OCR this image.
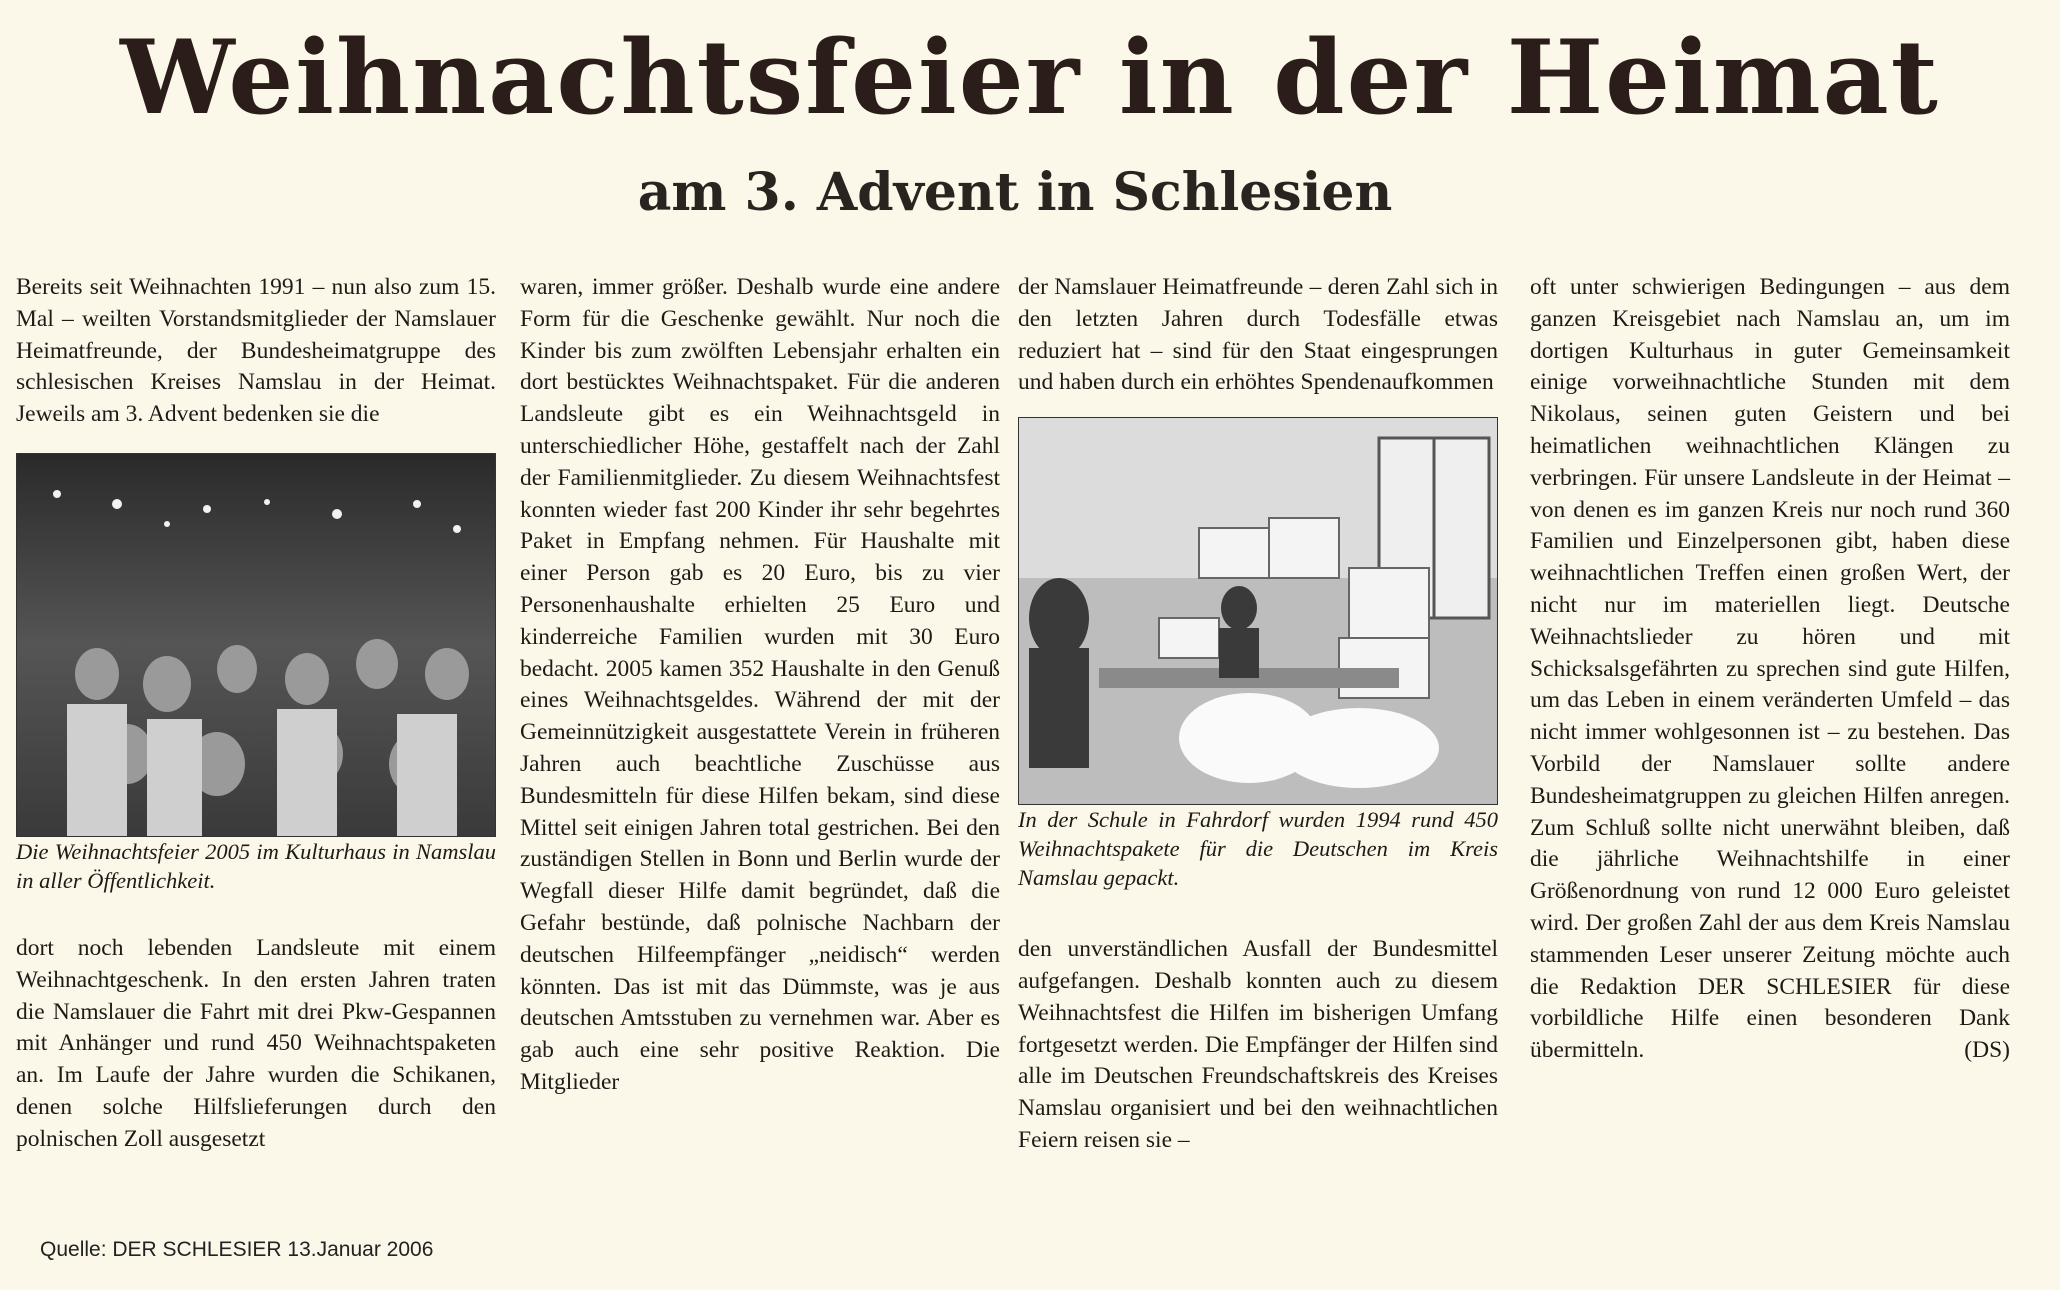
Weihnachtsfeier in der Heimat
am 3. Advent in Schlesien

Bereits seit Weihnachten 1991 – nun also zum 15. Mal – weilten Vorstandsmitglieder der Namslauer Heimatfreunde, der Bundesheimatgruppe des schlesischen Kreises Namslau in der Heimat. Jeweils am 3. Advent bedenken sie die

Die Weihnachtsfeier 2005 im Kulturhaus in Namslau in aller Öffentlichkeit.

dort noch lebenden Landsleute mit einem Weihnachtgeschenk. In den ersten Jahren traten die Namslauer die Fahrt mit drei Pkw-Gespannen mit Anhänger und rund 450 Weihnachtspaketen an. Im Laufe der Jahre wurden die Schikanen, denen solche Hilfslieferungen durch den polnischen Zoll ausgesetzt

waren, immer größer. Deshalb wurde eine andere Form für die Geschenke gewählt. Nur noch die Kinder bis zum zwölften Lebensjahr erhalten ein dort bestücktes Weihnachtspaket. Für die anderen Landsleute gibt es ein Weihnachtsgeld in unterschiedlicher Höhe, gestaffelt nach der Zahl der Familienmitglieder. Zu diesem Weihnachtsfest konnten wieder fast 200 Kinder ihr sehr begehrtes Paket in Empfang nehmen. Für Haushalte mit einer Person gab es 20 Euro, bis zu vier Personenhaushalte erhielten 25 Euro und kinderreiche Familien wurden mit 30 Euro bedacht. 2005 kamen 352 Haushalte in den Genuß eines Weihnachtsgeldes. Während der mit der Gemeinnützigkeit ausgestattete Verein in früheren Jahren auch beachtliche Zuschüsse aus Bundesmitteln für diese Hilfen bekam, sind diese Mittel seit einigen Jahren total gestrichen. Bei den zuständigen Stellen in Bonn und Berlin wurde der Wegfall dieser Hilfe damit begründet, daß die Gefahr bestünde, daß polnische Nachbarn der deutschen Hilfeempfänger „neidisch“ werden könnten. Das ist mit das Dümmste, was je aus deutschen Amtsstuben zu vernehmen war. Aber es gab auch eine sehr positive Reaktion. Die Mitglieder

der Namslauer Heimatfreunde – deren Zahl sich in den letzten Jahren durch Todesfälle etwas reduziert hat – sind für den Staat eingesprungen und haben durch ein erhöhtes Spendenaufkommen

In der Schule in Fahrdorf wurden 1994 rund 450 Weihnachtspakete für die Deutschen im Kreis Namslau gepackt.

den unverständlichen Ausfall der Bundesmittel aufgefangen. Deshalb konnten auch zu diesem Weihnachtsfest die Hilfen im bisherigen Umfang fortgesetzt werden. Die Empfänger der Hilfen sind alle im Deutschen Freundschaftskreis des Kreises Namslau organisiert und bei den weihnachtlichen Feiern reisen sie –

oft unter schwierigen Bedingungen – aus dem ganzen Kreisgebiet nach Namslau an, um im dortigen Kulturhaus in guter Gemeinsamkeit einige vorweihnachtliche Stunden mit dem Nikolaus, seinen guten Geistern und bei heimatlichen weihnachtlichen Klängen zu verbringen. Für unsere Landsleute in der Heimat – von denen es im ganzen Kreis nur noch rund 360 Familien und Einzelpersonen gibt, haben diese weihnachtlichen Treffen einen großen Wert, der nicht nur im materiellen liegt. Deutsche Weihnachtslieder zu hören und mit Schicksalsgefährten zu sprechen sind gute Hilfen, um das Leben in einem veränderten Umfeld – das nicht immer wohlgesonnen ist – zu bestehen. Das Vorbild der Namslauer sollte andere Bundesheimatgruppen zu gleichen Hilfen anregen. Zum Schluß sollte nicht unerwähnt bleiben, daß die jährliche Weihnachtshilfe in einer Größenordnung von rund 12 000 Euro geleistet wird. Der großen Zahl der aus dem Kreis Namslau stammenden Leser unserer Zeitung möchte auch die Redaktion DER SCHLESIER für diese vorbildliche Hilfe einen besonderen Dank übermitteln.	(DS)

Quelle: DER SCHLESIER 13.Januar 2006
